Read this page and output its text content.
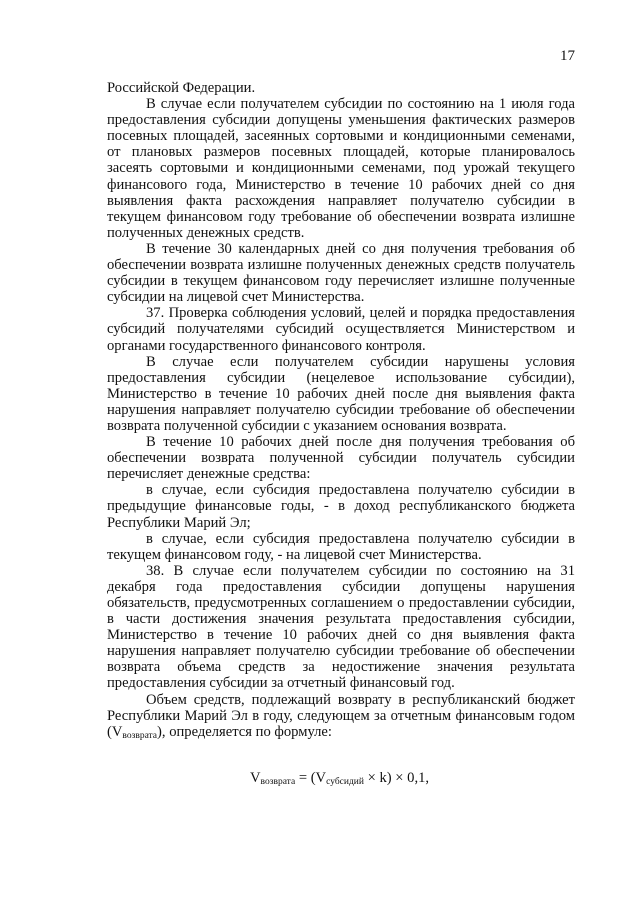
17

Российской Федерации.

В случае если получателем субсидии по состоянию на 1 июля года предоставления субсидии допущены уменьшения фактических размеров посевных площадей, засеянных сортовыми и кондиционными семенами, от плановых размеров посевных площадей, которые планировалось засеять сортовыми и кондиционными семенами, под урожай текущего финансового года, Министерство в течение 10 рабочих дней со дня выявления факта расхождения направляет получателю субсидии в текущем финансовом году требование об обеспечении возврата излишне полученных денежных средств.

В течение 30 календарных дней со дня получения требования об обеспечении возврата излишне полученных денежных средств получатель субсидии в текущем финансовом году перечисляет излишне полученные субсидии на лицевой счет Министерства.

37. Проверка соблюдения условий, целей и порядка предоставления субсидий получателями субсидий осуществляется Министерством и органами государственного финансового контроля.

В случае если получателем субсидии нарушены условия предоставления субсидии (нецелевое использование субсидии), Министерство в течение 10 рабочих дней после дня выявления факта нарушения направляет получателю субсидии требование об обеспечении возврата полученной субсидии с указанием основания возврата.

В течение 10 рабочих дней после дня получения требования об обеспечении возврата полученной субсидии получатель субсидии перечисляет денежные средства:

в случае, если субсидия предоставлена получателю субсидии в предыдущие финансовые годы, - в доход республиканского бюджета Республики Марий Эл;

в случае, если субсидия предоставлена получателю субсидии в текущем финансовом году, - на лицевой счет Министерства.

38. В случае если получателем субсидии по состоянию на 31 декабря года предоставления субсидии допущены нарушения обязательств, предусмотренных соглашением о предоставлении субсидии, в части достижения значения результата предоставления субсидии, Министерство в течение 10 рабочих дней со дня выявления факта нарушения направляет получателю субсидии требование об обеспечении возврата объема средств за недостижение значения результата предоставления субсидии за отчетный финансовый год.

Объем средств, подлежащий возврату в республиканский бюджет Республики Марий Эл в году, следующем за отчетным финансовым годом $(V_{возврата})$, определяется по формуле:

$V_{возврата} = (V_{субсидий} \times k) \times 0,1$,
